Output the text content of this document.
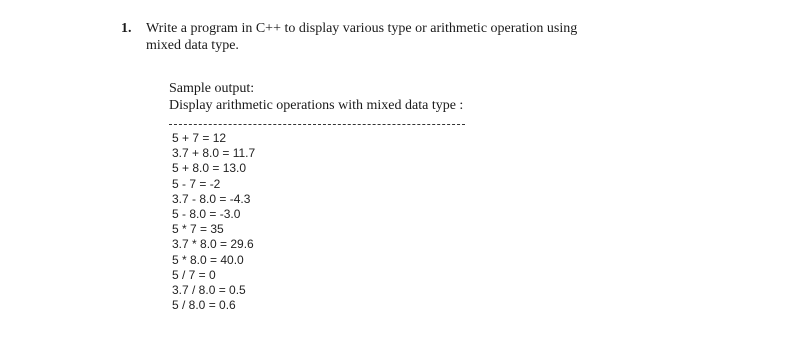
1. Write a program in C++ to display various type or arithmetic operation using
mixed data type.
Sample output:
Display arithmetic operations with mixed data type :
5 + 7 = 12
3.7 + 8.0 = 11.7
5 + 8.0 = 13.0
5 - 7 = -2
3.7 - 8.0 = -4.3
5 - 8.0 = -3.0
5 * 7 = 35
3.7 * 8.0 = 29.6
5 * 8.0 = 40.0
5 / 7 = 0
3.7 / 8.0 = 0.5
5 / 8.0 = 0.6
